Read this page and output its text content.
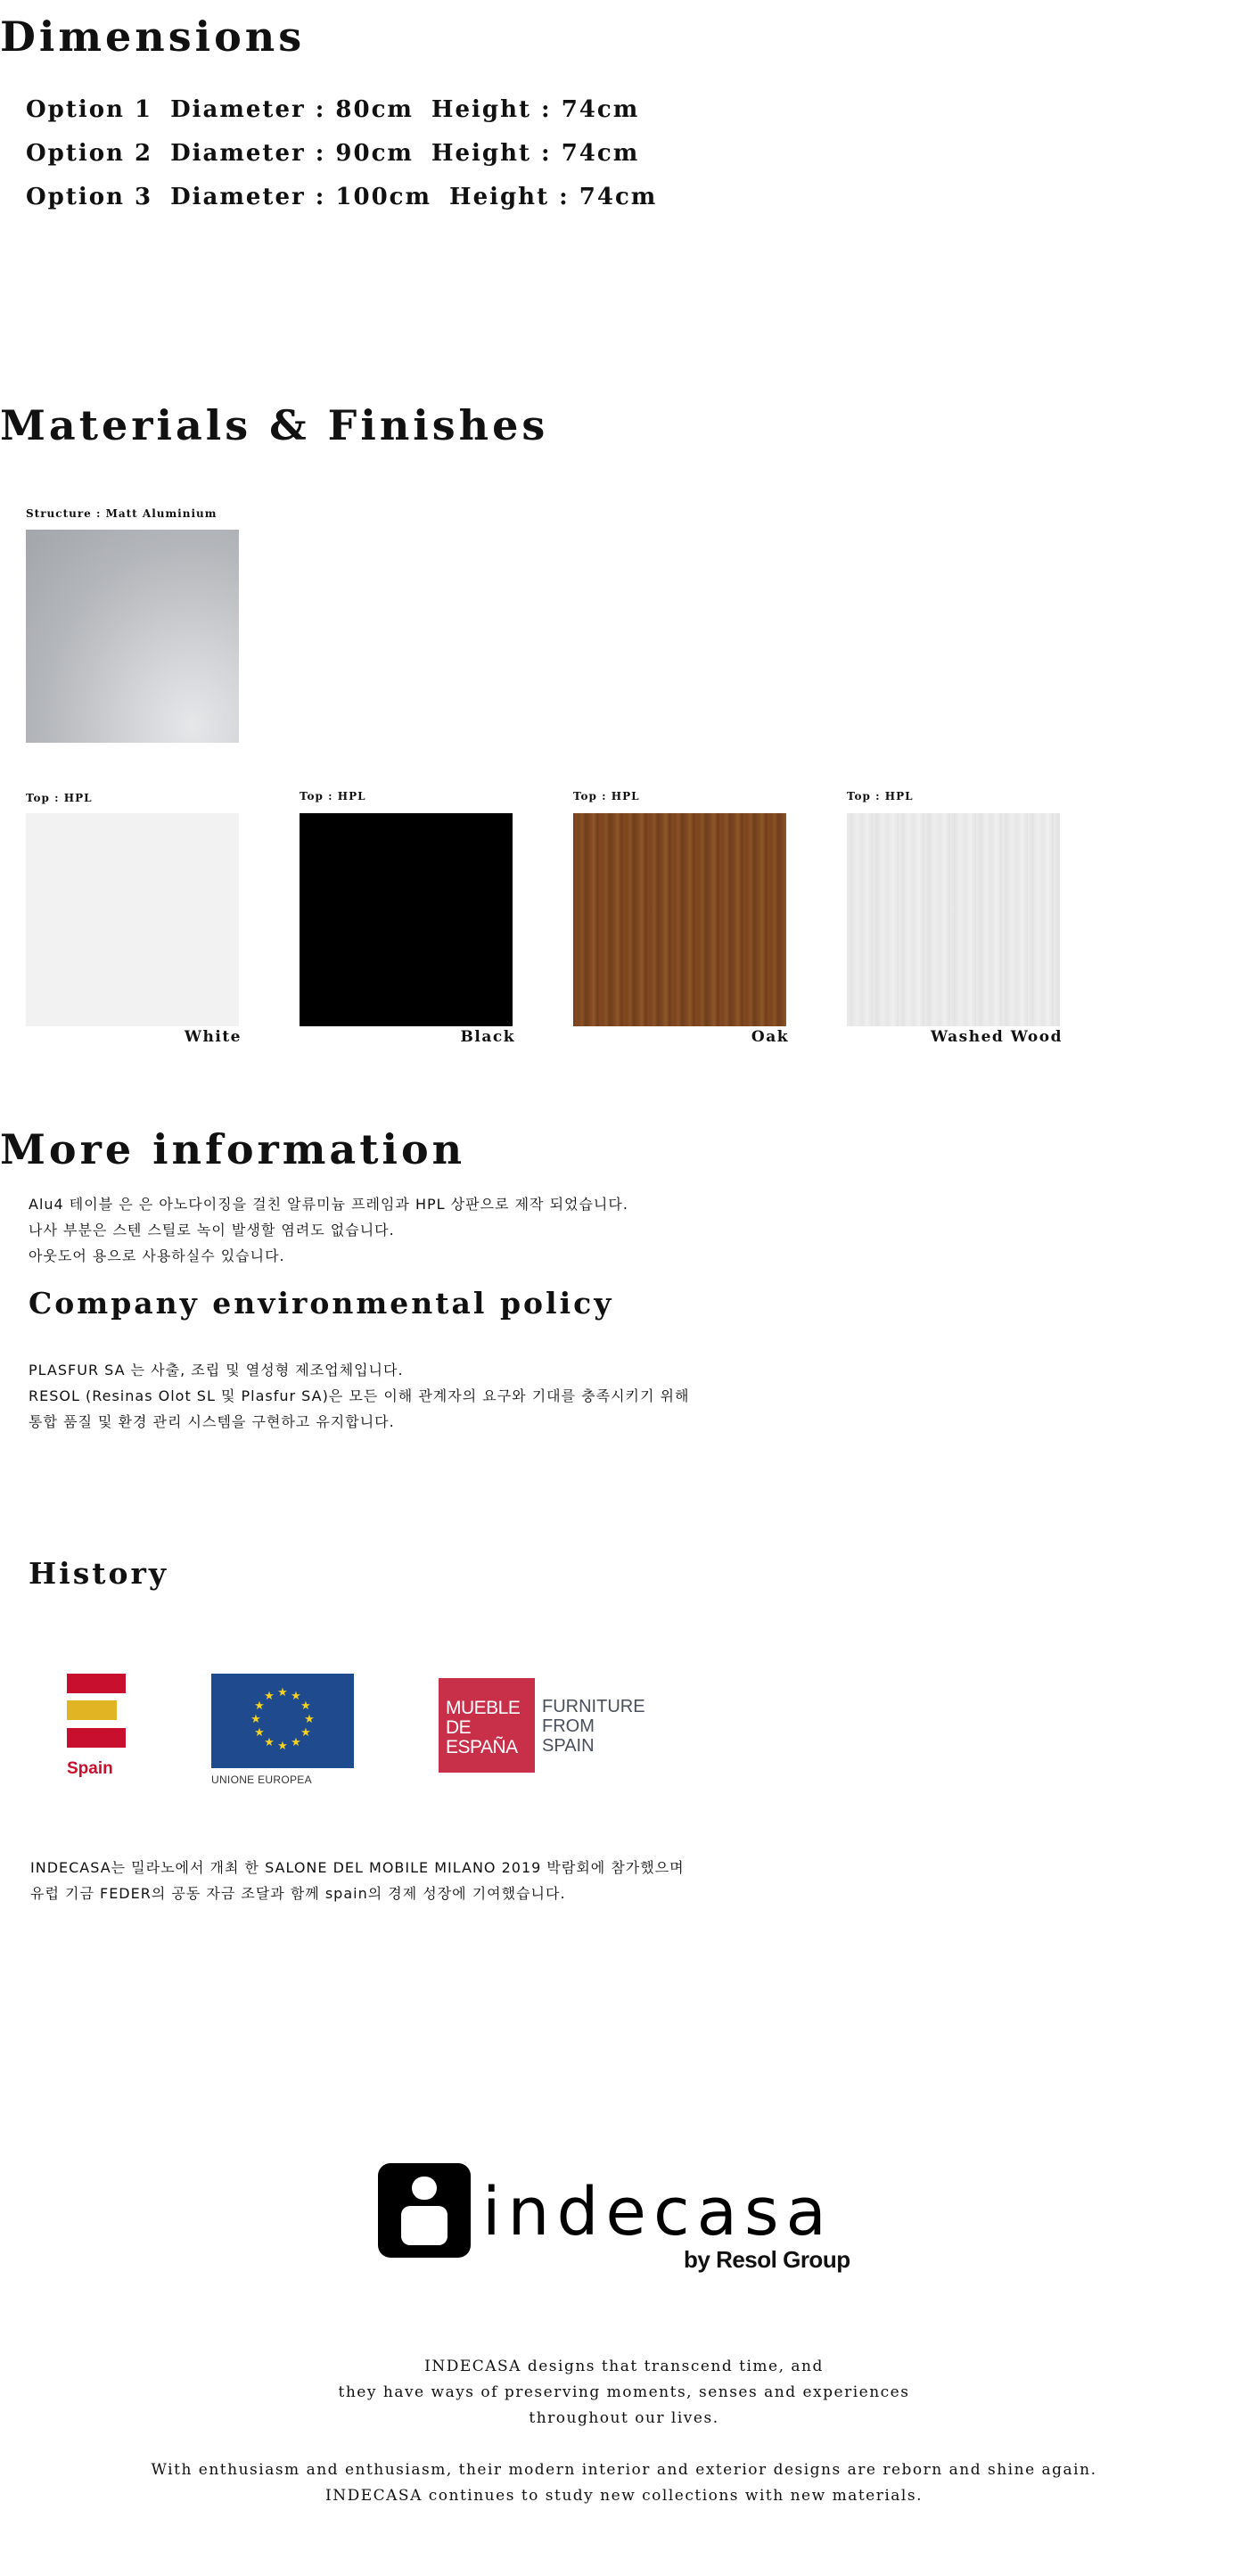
Dimensions
Option 1 Diameter : 80cm Height : 74cm
Option 2 Diameter : 90cm Height : 74cm
Option 3 Diameter : 100cm Height : 74cm
Materials & Finishes
Structure : Matt Aluminium
Top : HPL
White
Top : HPL
Black
Top : HPL
Oak
Top : HPL
Washed Wood
More information
Alu4 테이블 은 은 아노다이징을 걸친 알류미늄 프레임과 HPL 상판으로 제작 되었습니다.
나사 부분은 스텐 스틸로 녹이 발생할 염려도 없습니다.
아웃도어 용으로 사용하실수 있습니다.
Company environmental policy
PLASFUR SA 는 사출, 조립 및 열성형 제조업체입니다.
RESOL (Resinas Olot SL 및 Plasfur SA)은 모든 이해 관계자의 요구와 기대를 충족시키기 위해
통합 품질 및 환경 관리 시스템을 구현하고 유지합니다.
History
Spain
★ ★
★
★
★
★
★
★
★
★
★
★
UNIONE EUROPEA
MUEBLE
DE
ESPAÑA
FURNITURE
FROM
SPAIN
INDECASA는 밀라노에서 개최 한 SALONE DEL MOBILE MILANO 2019 박람회에 참가했으며
유럽 기금 FEDER의 공동 자금 조달과 함께 spain의 경제 성장에 기여했습니다.
indecasa
by Resol Group
INDECASA designs that transcend time, and
they have ways of preserving moments, senses and experiences
throughout our lives.
With enthusiasm and enthusiasm, their modern interior and exterior designs are reborn and shine again.
INDECASA continues to study new collections with new materials.
